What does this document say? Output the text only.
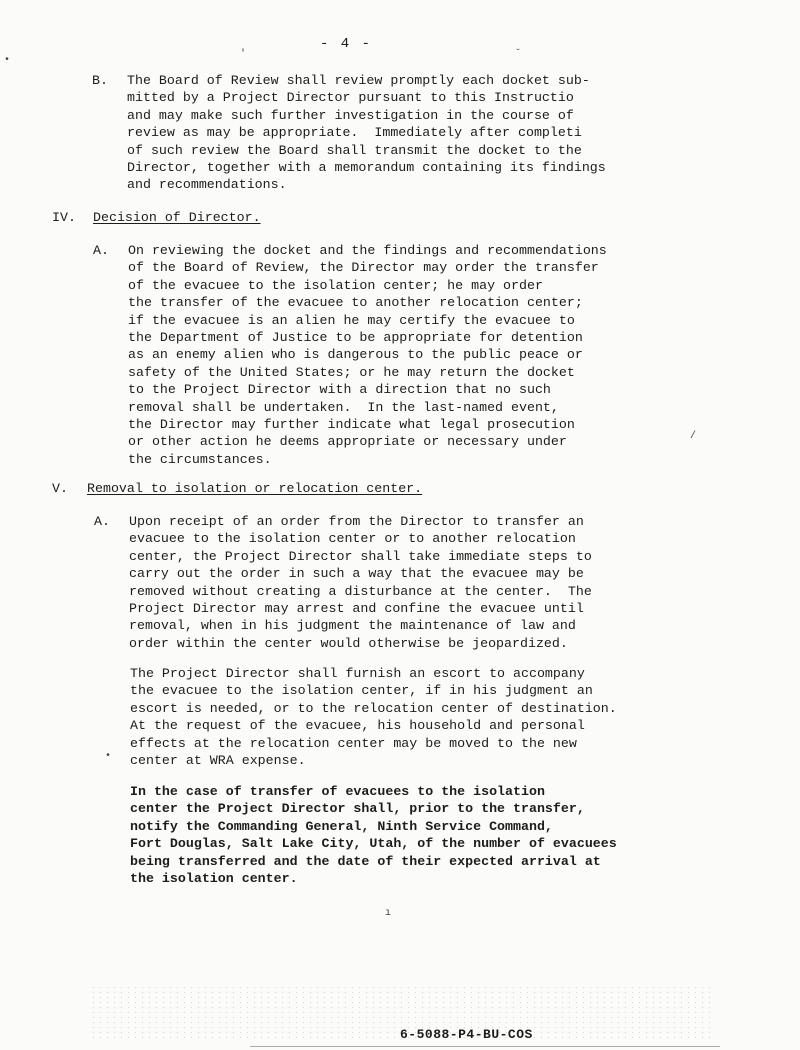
- 4 -
•
'	ˇ
/
•
ı
B. The Board of Review shall review promptly each docket sub-
mitted by a Project Director pursuant to this Instructio
and may make such further investigation in the course of
review as may be appropriate.  Immediately after completi
of such review the Board shall transmit the docket to the
Director, together with a memorandum containing its findings
and recommendations.

IV. Decision of Director.
A. On reviewing the docket and the findings and recommendations
of the Board of Review, the Director may order the transfer
of the evacuee to the isolation center; he may order
the transfer of the evacuee to another relocation center;
if the evacuee is an alien he may certify the evacuee to
the Department of Justice to be appropriate for detention
as an enemy alien who is dangerous to the public peace or
safety of the United States; or he may return the docket
to the Project Director with a direction that no such
removal shall be undertaken.  In the last-named event,
the Director may further indicate what legal prosecution
or other action he deems appropriate or necessary under
the circumstances.

V. Removal to isolation or relocation center.
A. Upon receipt of an order from the Director to transfer an
evacuee to the isolation center or to another relocation
center, the Project Director shall take immediate steps to
carry out the order in such a way that the evacuee may be
removed without creating a disturbance at the center.  The
Project Director may arrest and confine the evacuee until
removal, when in his judgment the maintenance of law and
order within the center would otherwise be jeopardized.

The Project Director shall furnish an escort to accompany
the evacuee to the isolation center, if in his judgment an
escort is needed, or to the relocation center of destination.
At the request of the evacuee, his household and personal
effects at the relocation center may be moved to the new
center at WRA expense.

In the case of transfer of evacuees to the isolation
center the Project Director shall, prior to the transfer,
notify the Commanding General, Ninth Service Command,
Fort Douglas, Salt Lake City, Utah, of the number of evacuees
being transferred and the date of their expected arrival at
the isolation center.

6-5088-P4-BU-COS
